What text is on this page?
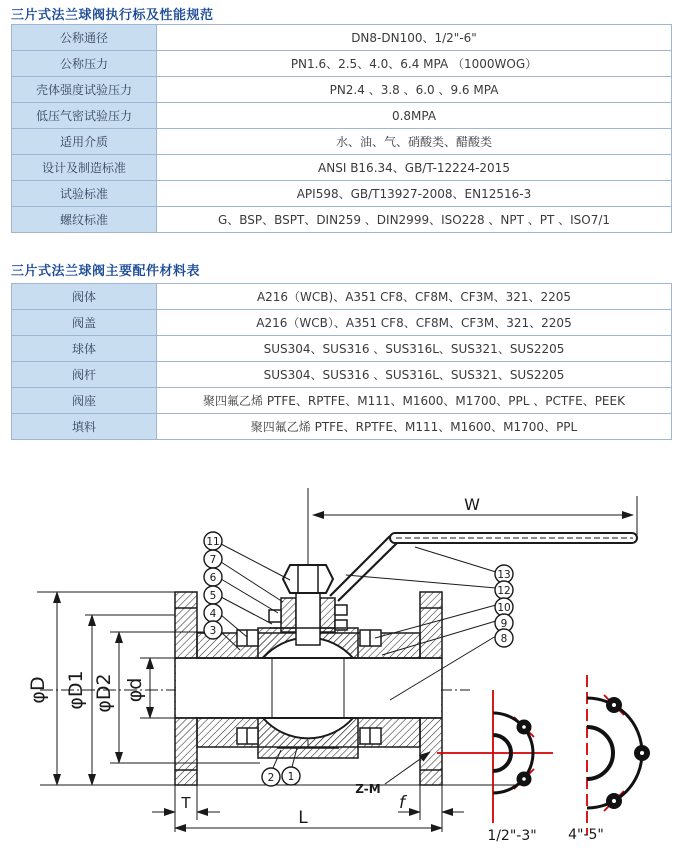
三片式法兰球阀执行标及性能规范
公称通径	DN8-DN100、1/2"-6"
公称压力	PN1.6、2.5、4.0、6.4 MPA （1000WOG）
壳体强度试验压力	PN2.4 、3.8 、6.0 、9.6 MPA
低压气密试验压力	0.8MPA
适用介质	水、油、气、硝酸类、醋酸类
设计及制造标准	ANSI B16.34、GB/T-12224-2015
试验标准	API598、GB/T13927-2008、EN12516-3
螺纹标准	G、BSP、BSPT、DIN259 、DIN2999、ISO228 、NPT 、PT 、ISO7/1
三片式法兰球阀主要配件材料表
阀体	A216（WCB)、A351 CF8、CF8M、CF3M、321、2205
阀盖	A216（WCB）、A351 CF8、CF8M、CF3M、321、2205
球体	SUS304、SUS316 、SUS316L、SUS321、SUS2205
阀杆	SUS304、SUS316 、SUS316L、SUS321、SUS2205
阀座	聚四氟乙烯 PTFE、RPTFE、M111、M1600、M1700、PPL 、PCTFE、PEEK
填料	聚四氟乙烯 PTFE、RPTFE、M111、M1600、M1700、PPL
W
T
L
f
Z-M
φD φD1 φD2 φd
11
7
6
5
4
3
13
12
10
9
8
2 1
1/2"-3" 4"-5"
